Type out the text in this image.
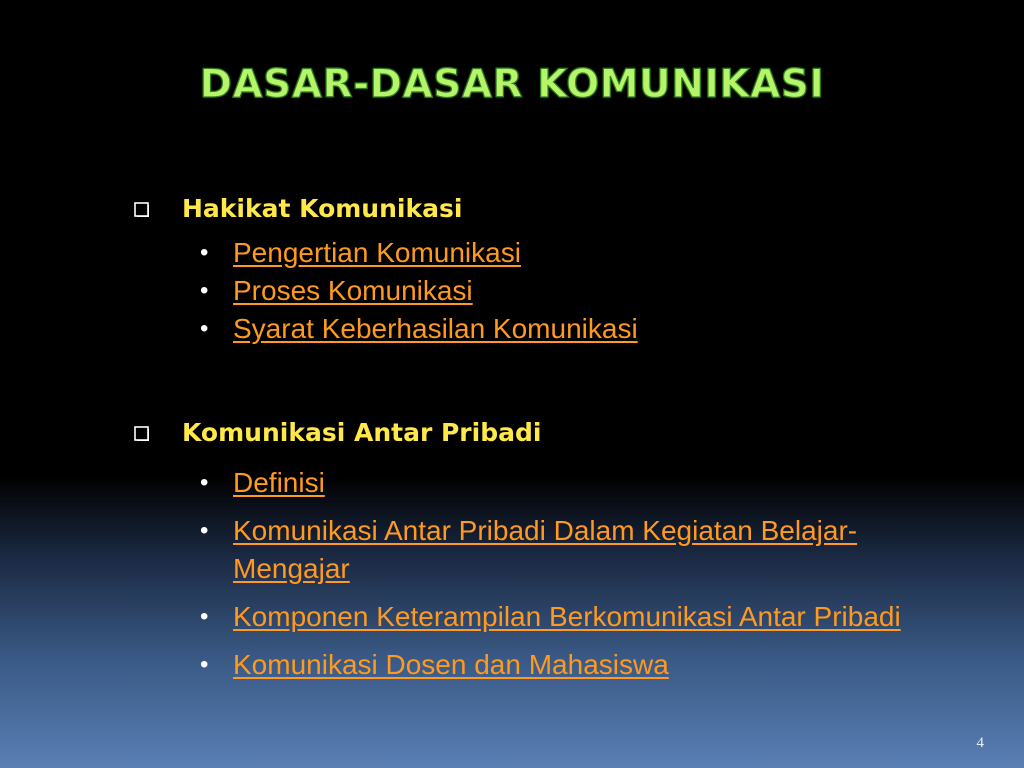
DASAR-DASAR KOMUNIKASI
Hakikat Komunikasi
• Pengertian Komunikasi
• Proses Komunikasi
• Syarat Keberhasilan Komunikasi
Komunikasi Antar Pribadi
• Definisi
• Komunikasi Antar Pribadi Dalam Kegiatan Belajar-Mengajar
• Komponen Keterampilan Berkomunikasi Antar Pribadi
• Komunikasi Dosen dan Mahasiswa
4
